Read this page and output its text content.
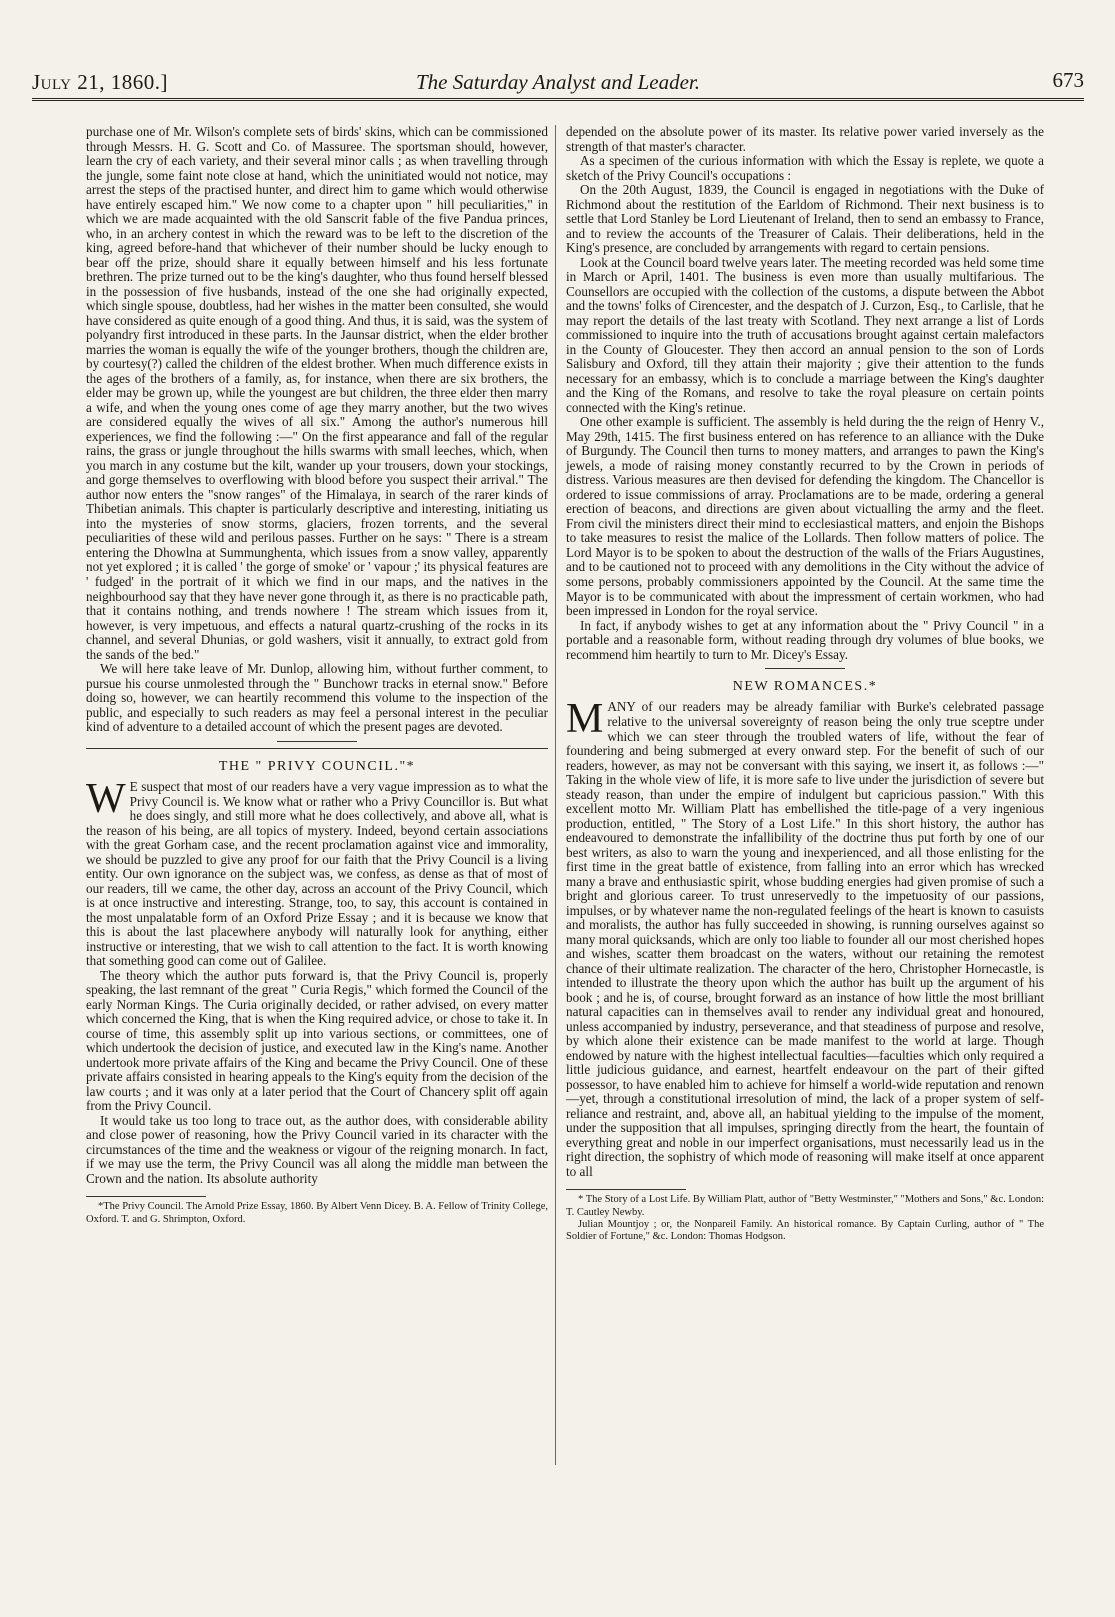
July 21, 1860.]	The Saturday Analyst and Leader.	673

purchase one of Mr. Wilson's complete sets of birds' skins, which can be commissioned through Messrs. H. G. Scott and Co. of Massuree. The sportsman should, however, learn the cry of each variety, and their several minor calls ; as when travelling through the jungle, some faint note close at hand, which the uninitiated would not notice, may arrest the steps of the practised hunter, and direct him to game which would otherwise have entirely escaped him." We now come to a chapter upon " hill peculiarities," in which we are made acquainted with the old Sanscrit fable of the five Pandua princes, who, in an archery contest in which the reward was to be left to the discretion of the king, agreed before-hand that whichever of their number should be lucky enough to bear off the prize, should share it equally between himself and his less fortunate brethren. The prize turned out to be the king's daughter, who thus found herself blessed in the possession of five husbands, instead of the one she had originally expected, which single spouse, doubtless, had her wishes in the matter been consulted, she would have considered as quite enough of a good thing. And thus, it is said, was the system of polyandry first introduced in these parts. In the Jaunsar district, when the elder brother marries the woman is equally the wife of the younger brothers, though the children are, by courtesy(?) called the children of the eldest brother. When much difference exists in the ages of the brothers of a family, as, for instance, when there are six brothers, the elder may be grown up, while the youngest are but children, the three elder then marry a wife, and when the young ones come of age they marry another, but the two wives are considered equally the wives of all six." Among the author's numerous hill experiences, we find the following :—" On the first appearance and fall of the regular rains, the grass or jungle throughout the hills swarms with small leeches, which, when you march in any costume but the kilt, wander up your trousers, down your stockings, and gorge themselves to overflowing with blood before you suspect their arrival." The author now enters the "snow ranges" of the Himalaya, in search of the rarer kinds of Thibetian animals. This chapter is particularly descriptive and interesting, initiating us into the mysteries of snow storms, glaciers, frozen torrents, and the several peculiarities of these wild and perilous passes. Further on he says: " There is a stream entering the Dhowlna at Summunghenta, which issues from a snow valley, apparently not yet explored ; it is called ' the gorge of smoke' or ' vapour ;' its physical features are ' fudged' in the portrait of it which we find in our maps, and the natives in the neighbourhood say that they have never gone through it, as there is no practicable path, that it contains nothing, and trends nowhere ! The stream which issues from it, however, is very impetuous, and effects a natural quartz-crushing of the rocks in its channel, and several Dhunias, or gold washers, visit it annually, to extract gold from the sands of the bed."

We will here take leave of Mr. Dunlop, allowing him, without further comment, to pursue his course unmolested through the " Bunchowr tracks in eternal snow." Before doing so, however, we can heartily recommend this volume to the inspection of the public, and especially to such readers as may feel a personal interest in the peculiar kind of adventure to a detailed account of which the present pages are devoted.

THE " PRIVY COUNCIL."*

W E suspect that most of our readers have a very vague impression as to what the Privy Council is. We know what or rather who a Privy Councillor is. But what he does singly, and still more what he does collectively, and above all, what is the reason of his being, are all topics of mystery. Indeed, beyond certain associations with the great Gorham case, and the recent proclamation against vice and immorality, we should be puzzled to give any proof for our faith that the Privy Council is a living entity. Our own ignorance on the subject was, we confess, as dense as that of most of our readers, till we came, the other day, across an account of the Privy Council, which is at once instructive and interesting. Strange, too, to say, this account is contained in the most unpalatable form of an Oxford Prize Essay ; and it is because we know that this is about the last placewhere anybody will naturally look for anything, either instructive or interesting, that we wish to call attention to the fact. It is worth knowing that something good can come out of Galilee.

The theory which the author puts forward is, that the Privy Council is, properly speaking, the last remnant of the great " Curia Regis," which formed the Council of the early Norman Kings. The Curia originally decided, or rather advised, on every matter which concerned the King, that is when the King required advice, or chose to take it. In course of time, this assembly split up into various sections, or committees, one of which undertook the decision of justice, and executed law in the King's name. Another undertook more private affairs of the King and became the Privy Council. One of these private affairs consisted in hearing appeals to the King's equity from the decision of the law courts ; and it was only at a later period that the Court of Chancery split off again from the Privy Council.

It would take us too long to trace out, as the author does, with considerable ability and close power of reasoning, how the Privy Council varied in its character with the circumstances of the time and the weakness or vigour of the reigning monarch. In fact, if we may use the term, the Privy Council was all along the middle man between the Crown and the nation. Its absolute authority

*The Privy Council. The Arnold Prize Essay, 1860. By Albert Venn Dicey. B. A. Fellow of Trinity College, Oxford. T. and G. Shrimpton, Oxford.

depended on the absolute power of its master. Its relative power varied inversely as the strength of that master's character.

As a specimen of the curious information with which the Essay is replete, we quote a sketch of the Privy Council's occupations :

On the 20th August, 1839, the Council is engaged in negotiations with the Duke of Richmond about the restitution of the Earldom of Richmond. Their next business is to settle that Lord Stanley be Lord Lieutenant of Ireland, then to send an embassy to France, and to review the accounts of the Treasurer of Calais. Their deliberations, held in the King's presence, are concluded by arrangements with regard to certain pensions.

Look at the Council board twelve years later. The meeting recorded was held some time in March or April, 1401. The business is even more than usually multifarious. The Counsellors are occupied with the collection of the customs, a dispute between the Abbot and the towns' folks of Cirencester, and the despatch of J. Curzon, Esq., to Carlisle, that he may report the details of the last treaty with Scotland. They next arrange a list of Lords commissioned to inquire into the truth of accusations brought against certain malefactors in the County of Gloucester. They then accord an annual pension to the son of Lords Salisbury and Oxford, till they attain their majority ; give their attention to the funds necessary for an embassy, which is to conclude a marriage between the King's daughter and the King of the Romans, and resolve to take the royal pleasure on certain points connected with the King's retinue.

One other example is sufficient. The assembly is held during the the reign of Henry V., May 29th, 1415. The first business entered on has reference to an alliance with the Duke of Burgundy. The Council then turns to money matters, and arranges to pawn the King's jewels, a mode of raising money constantly recurred to by the Crown in periods of distress. Various measures are then devised for defending the kingdom. The Chancellor is ordered to issue commissions of array. Proclamations are to be made, ordering a general erection of beacons, and directions are given about victualling the army and the fleet. From civil the ministers direct their mind to ecclesiastical matters, and enjoin the Bishops to take measures to resist the malice of the Lollards. Then follow matters of police. The Lord Mayor is to be spoken to about the destruction of the walls of the Friars Augustines, and to be cautioned not to proceed with any demolitions in the City without the advice of some persons, probably commissioners appointed by the Council. At the same time the Mayor is to be communicated with about the impressment of certain workmen, who had been impressed in London for the royal service.

In fact, if anybody wishes to get at any information about the " Privy Council " in a portable and a reasonable form, without reading through dry volumes of blue books, we recommend him heartily to turn to Mr. Dicey's Essay.

NEW ROMANCES.*

MANY of our readers may be already familiar with Burke's celebrated passage relative to the universal sovereignty of reason being the only true sceptre under which we can steer through the troubled waters of life, without the fear of foundering and being submerged at every onward step. For the benefit of such of our readers, however, as may not be conversant with this saying, we insert it, as follows :—" Taking in the whole view of life, it is more safe to live under the jurisdiction of severe but steady reason, than under the empire of indulgent but capricious passion." With this excellent motto Mr. William Platt has embellished the title-page of a very ingenious production, entitled, " The Story of a Lost Life." In this short history, the author has endeavoured to demonstrate the infallibility of the doctrine thus put forth by one of our best writers, as also to warn the young and inexperienced, and all those enlisting for the first time in the great battle of existence, from falling into an error which has wrecked many a brave and enthusiastic spirit, whose budding energies had given promise of such a bright and glorious career. To trust unreservedly to the impetuosity of our passions, impulses, or by whatever name the non-regulated feelings of the heart is known to casuists and moralists, the author has fully succeeded in showing, is running ourselves against so many moral quicksands, which are only too liable to founder all our most cherished hopes and wishes, scatter them broadcast on the waters, without our retaining the remotest chance of their ultimate realization. The character of the hero, Christopher Hornecastle, is intended to illustrate the theory upon which the author has built up the argument of his book ; and he is, of course, brought forward as an instance of how little the most brilliant natural capacities can in themselves avail to render any individual great and honoured, unless accompanied by industry, perseverance, and that steadiness of purpose and resolve, by which alone their existence can be made manifest to the world at large. Though endowed by nature with the highest intellectual faculties—faculties which only required a little judicious guidance, and earnest, heartfelt endeavour on the part of their gifted possessor, to have enabled him to achieve for himself a world-wide reputation and renown—yet, through a constitutional irresolution of mind, the lack of a proper system of self-reliance and restraint, and, above all, an habitual yielding to the impulse of the moment, under the supposition that all impulses, springing directly from the heart, the fountain of everything great and noble in our imperfect organisations, must necessarily lead us in the right direction, the sophistry of which mode of reasoning will make itself at once apparent to all

* The Story of a Lost Life. By William Platt, author of "Betty Westminster," "Mothers and Sons," &c. London: T. Cautley Newby.

Julian Mountjoy ; or, the Nonpareil Family. An historical romance. By Captain Curling, author of " The Soldier of Fortune," &c. London: Thomas Hodgson.
